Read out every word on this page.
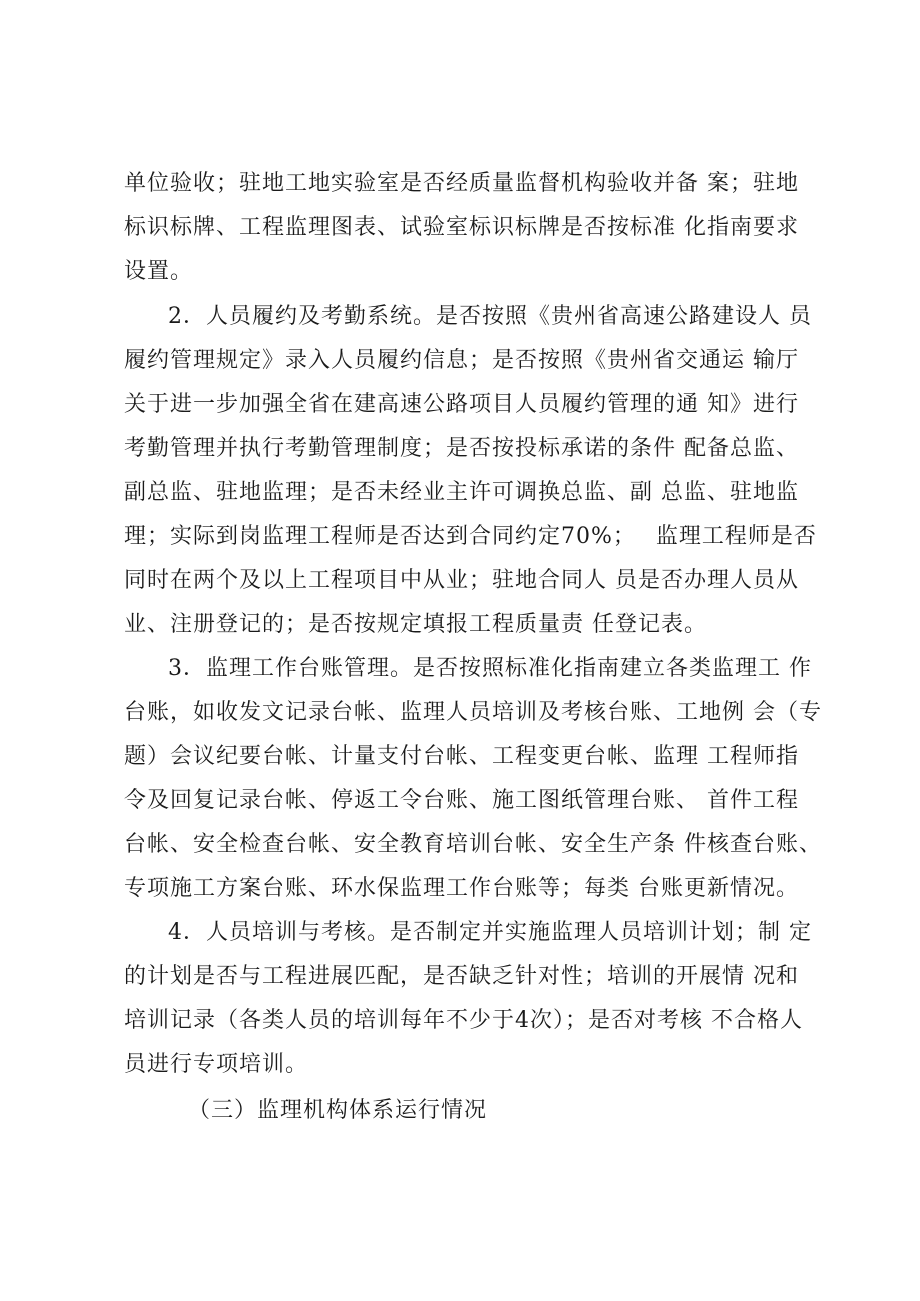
单位验收；驻地工地实验室是否经质量监督机构验收并备 案；驻地

标识标牌、工程监理图表、试验室标识标牌是否按标准 化指南要求

设置。

2．人员履约及考勤系统。是否按照《贵州省高速公路建设人 员

履约管理规定》录入人员履约信息；是否按照《贵州省交通运 输厅

关于进一步加强全省在建高速公路项目人员履约管理的通 知》进行

考勤管理并执行考勤管理制度；是否按投标承诺的条件 配备总监、

副总监、驻地监理；是否未经业主许可调换总监、副 总监、驻地监

理；实际到岗监理工程师是否达到合同约定70%；　 监理工程师是否

同时在两个及以上工程项目中从业；驻地合同人 员是否办理人员从

业、注册登记的；是否按规定填报工程质量责 任登记表。

3．监理工作台账管理。是否按照标准化指南建立各类监理工 作

台账，如收发文记录台帐、监理人员培训及考核台账、工地例 会（专

题）会议纪要台帐、计量支付台帐、工程变更台帐、监理 工程师指

令及回复记录台帐、停返工令台账、施工图纸管理台账、 首件工程

台帐、安全检查台帐、安全教育培训台帐、安全生产条 件核查台账、

专项施工方案台账、环水保监理工作台账等；每类 台账更新情况。

4．人员培训与考核。是否制定并实施监理人员培训计划；制 定

的计划是否与工程进展匹配，是否缺乏针对性；培训的开展情 况和

培训记录（各类人员的培训每年不少于4次）；是否对考核 不合格人

员进行专项培训。

（三）监理机构体系运行情况
